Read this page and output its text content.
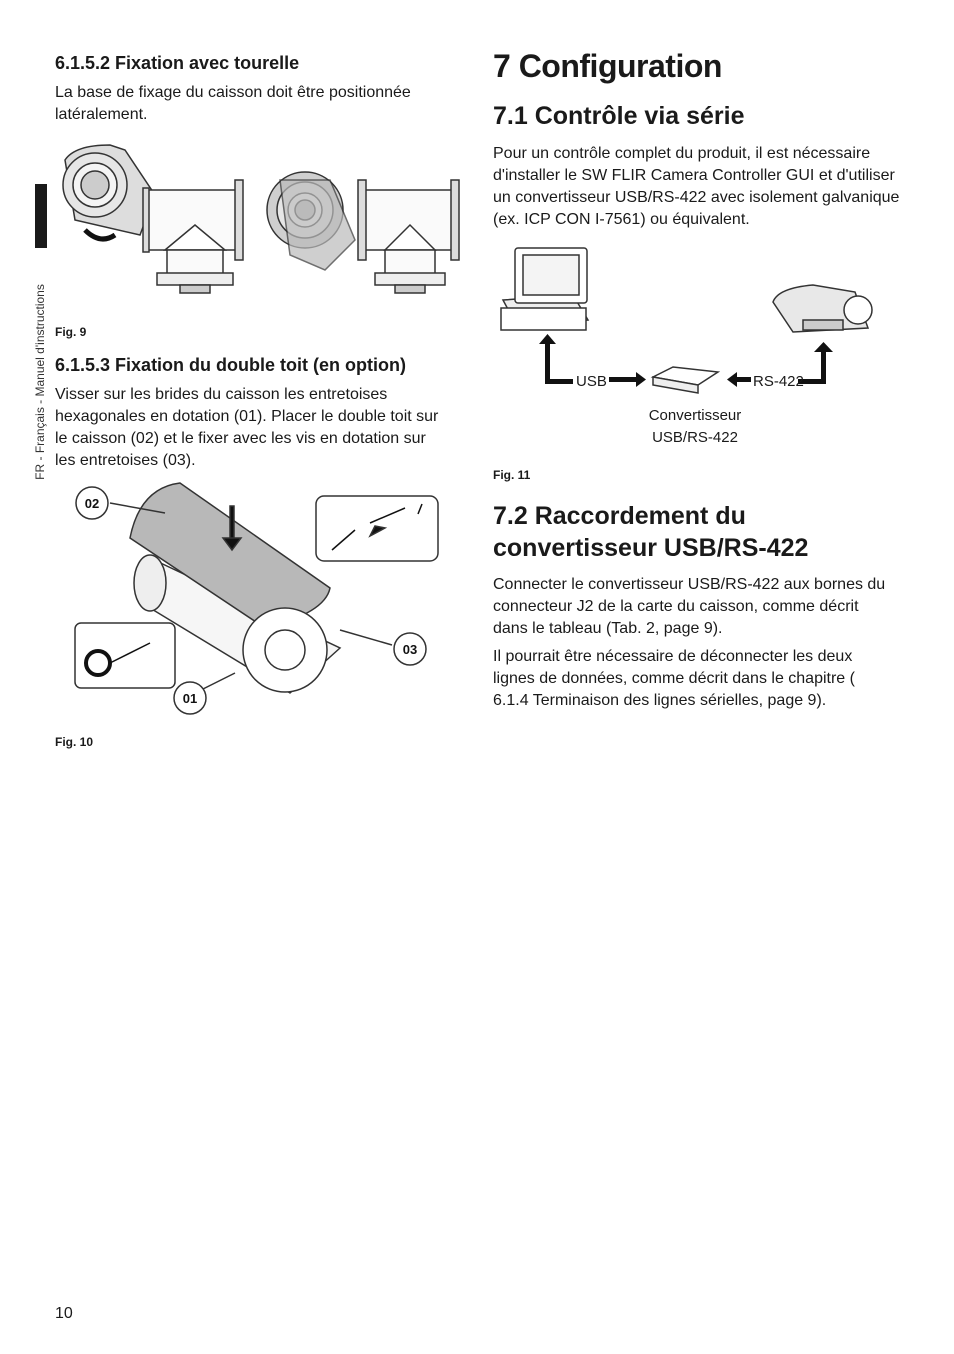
FR - Français - Manuel d'instructions
6.1.5.2 Fixation avec tourelle

La base de fixage du caisson doit être positionnée latéralement.

Fig. 9
6.1.5.3 Fixation du double toit (en option)

Visser sur les brides du caisson les entretoises hexagonales en dotation (01). Placer le double toit sur le caisson (02) et le fixer avec les vis en dotation sur les entretoises (03).

02
03
01
Fig. 10
7 Configuration
7.1 Contrôle via série

Pour un contrôle complet du produit, il est nécessaire d'installer le SW FLIR Camera Controller GUI et d'utiliser un convertisseur USB/RS-422 avec isolement galvanique (ex. ICP CON I-7561) ou équivalent.

USB	RS-422
Convertisseur
USB/RS-422
Fig. 11
7.2 Raccordement du
convertisseur USB/RS-422

Connecter le convertisseur USB/RS-422 aux bornes du connecteur J2 de la carte du caisson, comme décrit dans le tableau (Tab. 2, page 9).

Il pourrait être nécessaire de déconnecter les deux lignes de données, comme décrit dans le chapitre ( 6.1.4 Terminaison des lignes sérielles, page 9).

10
